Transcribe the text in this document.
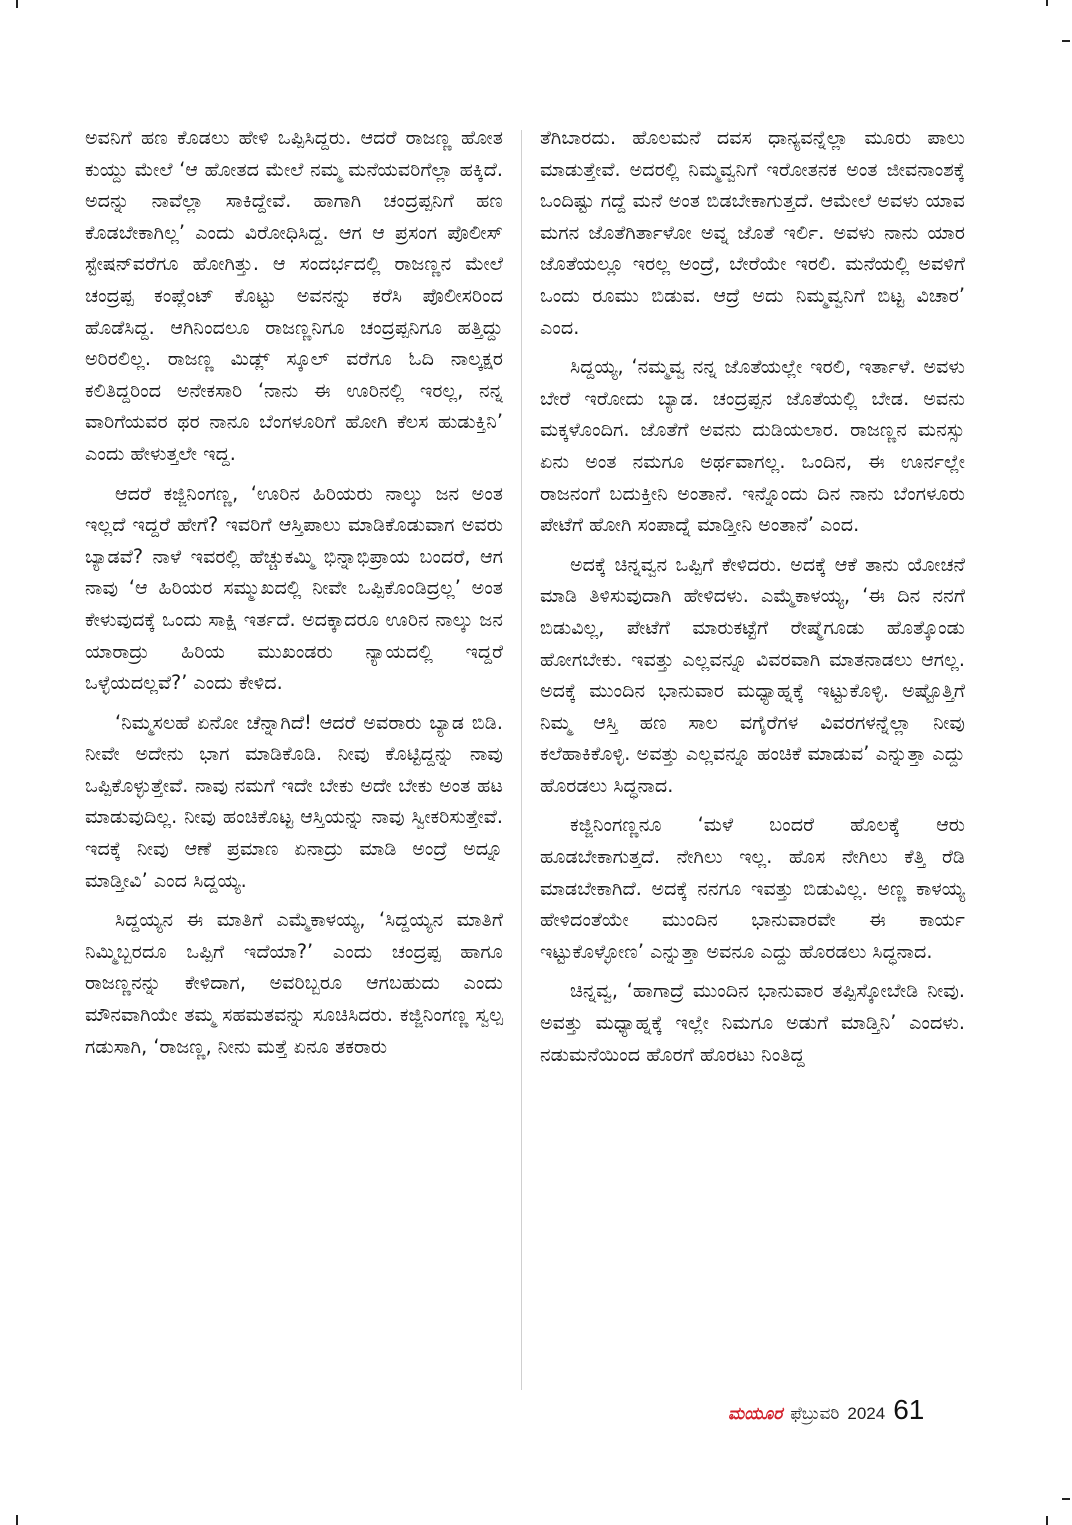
ಅವನಿಗೆ ಹಣ ಕೊಡಲು ಹೇಳಿ ಒಪ್ಪಿಸಿದ್ದರು. ಆದರೆ ರಾಜಣ್ಣ ಹೋತ ಕುಯ್ದು ಮೇಲೆ ‘ಆ ಹೋತದ ಮೇಲೆ ನಮ್ಮ ಮನೆಯವರಿಗೆಲ್ಲಾ ಹಕ್ಕಿದೆ. ಅದನ್ನು ನಾವೆಲ್ಲಾ ಸಾಕಿದ್ದೇವೆ. ಹಾಗಾಗಿ ಚಂದ್ರಪ್ಪನಿಗೆ ಹಣ ಕೊಡಬೇಕಾಗಿಲ್ಲ’ ಎಂದು ವಿರೋಧಿಸಿದ್ದ. ಆಗ ಆ ಪ್ರಸಂಗ ಪೊಲೀಸ್ ಸ್ಟೇಷನ್‌ವರೆಗೂ ಹೋಗಿತ್ತು. ಆ ಸಂದರ್ಭದಲ್ಲಿ ರಾಜಣ್ಣನ ಮೇಲೆ ಚಂದ್ರಪ್ಪ ಕಂಪ್ಲೆಂಟ್ ಕೊಟ್ಟು ಅವನನ್ನು ಕರೆಸಿ ಪೊಲೀಸರಿಂದ ಹೊಡೆಸಿದ್ದ. ಆಗಿನಿಂದಲೂ ರಾಜಣ್ಣನಿಗೂ ಚಂದ್ರಪ್ಪನಿಗೂ ಹತ್ತಿದ್ದು ಅರಿರಲಿಲ್ಲ. ರಾಜಣ್ಣ ಮಿಡ್ಲ್ ಸ್ಕೂಲ್ ವರೆಗೂ ಓದಿ ನಾಲ್ಕಕ್ಷರ ಕಲಿತಿದ್ದರಿಂದ ಅನೇಕಸಾರಿ ‘ನಾನು ಈ ಊರಿನಲ್ಲಿ ಇರಲ್ಲ, ನನ್ನ ವಾರಿಗೆಯವರ ಥರ ನಾನೂ ಬೆಂಗಳೂರಿಗೆ ಹೋಗಿ ಕೆಲಸ ಹುಡುಕ್ತಿನಿ’ ಎಂದು ಹೇಳುತ್ತಲೇ ಇದ್ದ.

ಆದರೆ ಕಜ್ಜಿನಿಂಗಣ್ಣ, ‘ಊರಿನ ಹಿರಿಯರು ನಾಲ್ಕು ಜನ ಅಂತ ಇಲ್ಲದೆ ಇದ್ದರೆ ಹೇಗೆ? ಇವರಿಗೆ ಆಸ್ತಿಪಾಲು ಮಾಡಿಕೊಡುವಾಗ ಅವರು ಬ್ಯಾಡವೆ? ನಾಳೆ ಇವರಲ್ಲಿ ಹೆಚ್ಚುಕಮ್ಮಿ ಭಿನ್ನಾಭಿಪ್ರಾಯ ಬಂದರೆ, ಆಗ ನಾವು ‘ಆ ಹಿರಿಯರ ಸಮ್ಮುಖದಲ್ಲಿ ನೀವೇ ಒಪ್ಪಿಕೊಂಡಿದ್ರಲ್ಲ’ ಅಂತ ಕೇಳುವುದಕ್ಕೆ ಒಂದು ಸಾಕ್ಷಿ ಇರ್ತದೆ. ಅದಕ್ಕಾದರೂ ಊರಿನ ನಾಲ್ಕು ಜನ ಯಾರಾದ್ರು ಹಿರಿಯ ಮುಖಂಡರು ನ್ಯಾಯದಲ್ಲಿ ಇದ್ದರೆ ಒಳ್ಳೆಯದಲ್ಲವೆ?’ ಎಂದು ಕೇಳಿದ.

‘ನಿಮ್ಮಸಲಹೆ ಏನೋ ಚೆನ್ನಾಗಿದೆ! ಆದರೆ ಅವರಾರು ಬ್ಯಾಡ ಬಿಡಿ. ನೀವೇ ಅದೇನು ಭಾಗ ಮಾಡಿಕೊಡಿ. ನೀವು ಕೊಟ್ಟಿದ್ದನ್ನು ನಾವು ಒಪ್ಪಿಕೊಳ್ಳುತ್ತೇವೆ. ನಾವು ನಮಗೆ ಇದೇ ಬೇಕು ಅದೇ ಬೇಕು ಅಂತ ಹಟ ಮಾಡುವುದಿಲ್ಲ. ನೀವು ಹಂಚಿಕೊಟ್ಟ ಆಸ್ತಿಯನ್ನು ನಾವು ಸ್ವೀಕರಿಸುತ್ತೇವೆ. ಇದಕ್ಕೆ ನೀವು ಆಣೆ ಪ್ರಮಾಣ ಏನಾದ್ರು ಮಾಡಿ ಅಂದ್ರೆ ಅದ್ನೂ ಮಾಡ್ತೀವಿ’ ಎಂದ ಸಿದ್ದಯ್ಯ.

ಸಿದ್ದಯ್ಯನ ಈ ಮಾತಿಗೆ ಎಮ್ಮೆಕಾಳಯ್ಯ, ‘ಸಿದ್ದಯ್ಯನ ಮಾತಿಗೆ ನಿಮ್ಮಿಬ್ಬರದೂ ಒಪ್ಪಿಗೆ ಇದೆಯಾ?’ ಎಂದು ಚಂದ್ರಪ್ಪ ಹಾಗೂ ರಾಜಣ್ಣನನ್ನು ಕೇಳಿದಾಗ, ಅವರಿಬ್ಬರೂ ಆಗಬಹುದು ಎಂದು ಮೌನವಾಗಿಯೇ ತಮ್ಮ ಸಹಮತವನ್ನು ಸೂಚಿಸಿದರು. ಕಜ್ಜಿನಿಂಗಣ್ಣ ಸ್ವಲ್ಪ ಗಡುಸಾಗಿ, ‘ರಾಜಣ್ಣ, ನೀನು ಮತ್ತೆ ಏನೂ ತಕರಾರು

ತೆಗಿಬಾರದು. ಹೊಲಮನೆ ದವಸ ಧಾನ್ಯವನ್ನೆಲ್ಲಾ ಮೂರು ಪಾಲು ಮಾಡುತ್ತೇವೆ. ಅದರಲ್ಲಿ ನಿಮ್ಮವ್ವನಿಗೆ ಇರೋತನಕ ಅಂತ ಜೀವನಾಂಶಕ್ಕೆ ಒಂದಿಷ್ಟು ಗದ್ದೆ ಮನೆ ಅಂತ ಬಿಡಬೇಕಾಗುತ್ತದೆ. ಆಮೇಲೆ ಅವಳು ಯಾವ ಮಗನ ಜೊತೆಗಿರ್ತಾಳೋ ಅವ್ನ ಜೊತೆ ಇರ್ಲಿ. ಅವಳು ನಾನು ಯಾರ ಜೊತೆಯಲ್ಲೂ ಇರಲ್ಲ ಅಂದ್ರೆ, ಬೇರೆಯೇ ಇರಲಿ. ಮನೆಯಲ್ಲಿ ಅವಳಿಗೆ ಒಂದು ರೂಮು ಬಿಡುವ. ಆದ್ರೆ ಅದು ನಿಮ್ಮವ್ವನಿಗೆ ಬಿಟ್ಟ ವಿಚಾರ’ ಎಂದ.

ಸಿದ್ದಯ್ಯ, ‘ನಮ್ಮವ್ವ ನನ್ನ ಜೊತೆಯಲ್ಲೇ ಇರಲಿ, ಇರ್ತಾಳೆ. ಅವಳು ಬೇರೆ ಇರೋದು ಬ್ಯಾಡ. ಚಂದ್ರಪ್ಪನ ಜೊತೆಯಲ್ಲಿ ಬೇಡ. ಅವನು ಮಕ್ಕಳೊಂದಿಗ. ಜೊತೆಗೆ ಅವನು ದುಡಿಯಲಾರ. ರಾಜಣ್ಣನ ಮನಸ್ಸು ಏನು ಅಂತ ನಮಗೂ ಅರ್ಥವಾಗಲ್ಲ. ಒಂದಿನ, ಈ ಊರ್ನಲ್ಲೇ ರಾಜನಂಗೆ ಬದುಕ್ತೀನಿ ಅಂತಾನೆ. ಇನ್ನೊಂದು ದಿನ ನಾನು ಬೆಂಗಳೂರು ಪೇಟೆಗೆ ಹೋಗಿ ಸಂಪಾದ್ನೆ ಮಾಡ್ತೀನಿ ಅಂತಾನೆ’ ಎಂದ.

ಅದಕ್ಕೆ ಚಿನ್ನವ್ವನ ಒಪ್ಪಿಗೆ ಕೇಳಿದರು. ಅದಕ್ಕೆ ಆಕೆ ತಾನು ಯೋಚನೆ ಮಾಡಿ ತಿಳಿಸುವುದಾಗಿ ಹೇಳಿದಳು. ಎಮ್ಮೆಕಾಳಯ್ಯ, ‘ಈ ದಿನ ನನಗೆ ಬಿಡುವಿಲ್ಲ, ಪೇಟೆಗೆ ಮಾರುಕಟ್ಟೆಗೆ ರೇಷ್ಮೆಗೂಡು ಹೊತ್ಕೊಂಡು ಹೋಗಬೇಕು. ಇವತ್ತು ಎಲ್ಲವನ್ನೂ ವಿವರವಾಗಿ ಮಾತನಾಡಲು ಆಗಲ್ಲ. ಅದಕ್ಕೆ ಮುಂದಿನ ಭಾನುವಾರ ಮಧ್ಯಾಹ್ನಕ್ಕೆ ಇಟ್ಟುಕೊಳ್ಳಿ. ಅಷ್ಟೊತ್ತಿಗೆ ನಿಮ್ಮ ಆಸ್ತಿ ಹಣ ಸಾಲ ವಗೈರೆಗಳ ವಿವರಗಳನ್ನೆಲ್ಲಾ ನೀವು ಕಲೆಹಾಕಿಕೊಳ್ಳಿ. ಅವತ್ತು ಎಲ್ಲವನ್ನೂ ಹಂಚಿಕೆ ಮಾಡುವ’ ಎನ್ನುತ್ತಾ ಎದ್ದು ಹೊರಡಲು ಸಿದ್ಧನಾದ.

ಕಜ್ಜಿನಿಂಗಣ್ಣನೂ ‘ಮಳೆ ಬಂದರೆ ಹೊಲಕ್ಕೆ ಆರು ಹೂಡಬೇಕಾಗುತ್ತದೆ. ನೇಗಿಲು ಇಲ್ಲ. ಹೊಸ ನೇಗಿಲು ಕೆತ್ತಿ ರೆಡಿ ಮಾಡಬೇಕಾಗಿದೆ. ಅದಕ್ಕೆ ನನಗೂ ಇವತ್ತು ಬಿಡುವಿಲ್ಲ. ಅಣ್ಣ ಕಾಳಯ್ಯ ಹೇಳಿದಂತೆಯೇ ಮುಂದಿನ ಭಾನುವಾರವೇ ಈ ಕಾರ್ಯ ಇಟ್ಟುಕೊಳ್ಳೋಣ’ ಎನ್ನುತ್ತಾ ಅವನೂ ಎದ್ದು ಹೊರಡಲು ಸಿದ್ಧನಾದ.

ಚಿನ್ನವ್ವ, ‘ಹಾಗಾದ್ರೆ ಮುಂದಿನ ಭಾನುವಾರ ತಪ್ಪಿಸ್ಕೋಬೇಡಿ ನೀವು. ಅವತ್ತು ಮಧ್ಯಾಹ್ನಕ್ಕೆ ಇಲ್ಲೇ ನಿಮಗೂ ಅಡುಗೆ ಮಾಡ್ತಿನಿ’ ಎಂದಳು. ನಡುಮನೆಯಿಂದ ಹೊರಗೆ ಹೊರಟು ನಿಂತಿದ್ದ

ಮಯೂರ ಫೆಬ್ರುವರಿ 2024 61
